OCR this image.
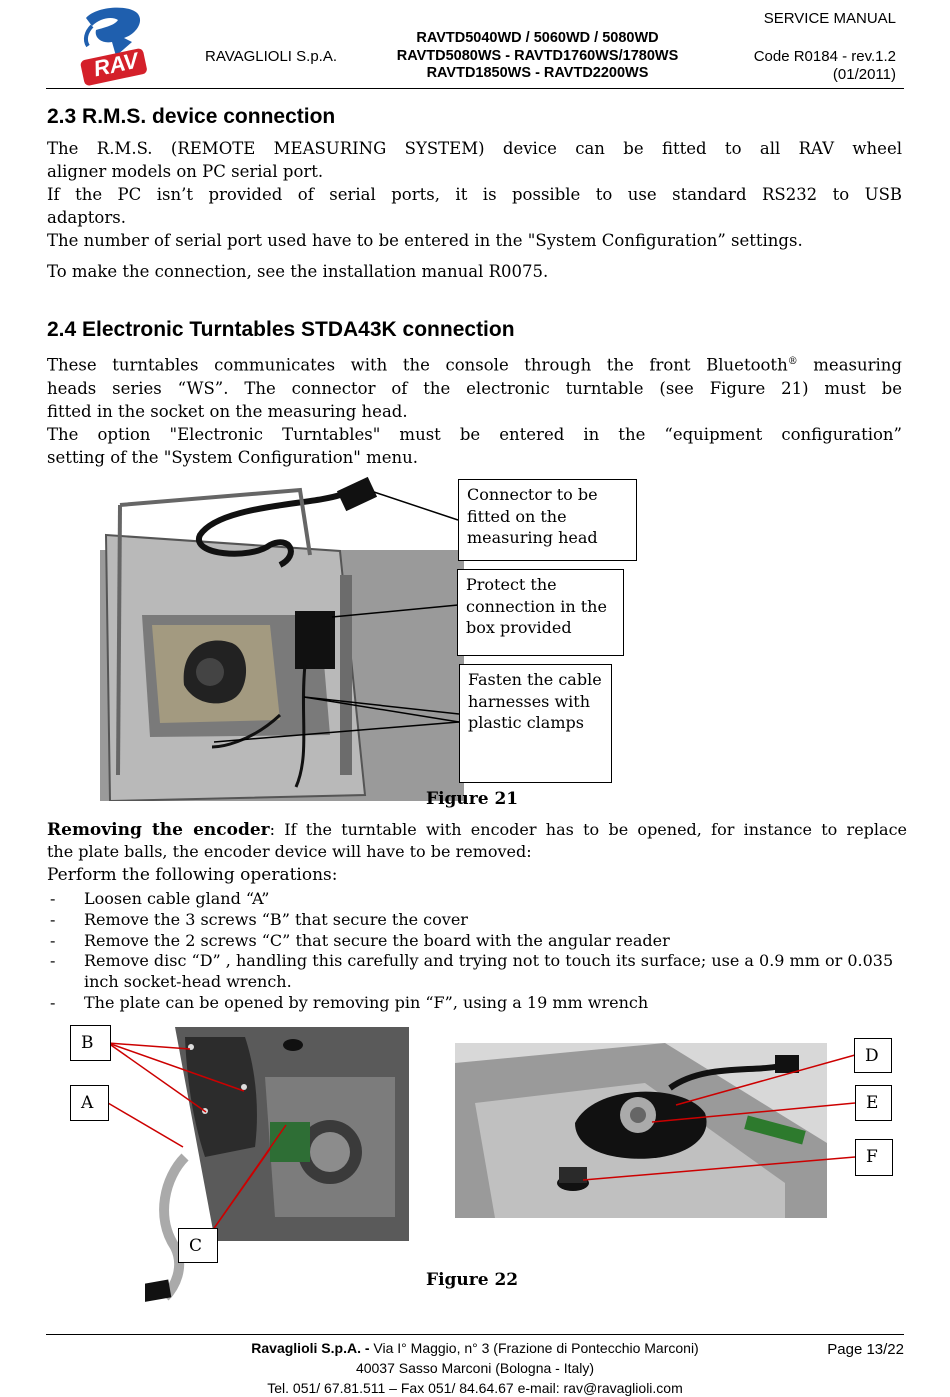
RAV	RAVAGLIOLI S.p.A.
RAVTD5040WD / 5060WD / 5080WD
RAVTD5080WS - RAVTD1760WS/1780WS
RAVTD1850WS - RAVTD2200WS
SERVICE MANUAL
Code R0184 - rev.1.2
(01/2011)
2.3 R.M.S. device connection
The R.M.S. (REMOTE MEASURING SYSTEM) device can be fitted to all RAV wheel
aligner models on PC serial port.
If the PC isn’t provided of serial ports, it is possible to use standard RS232 to USB
adaptors.
The number of serial port used have to be entered in the "System Configuration” settings.
To make the connection, see the installation manual R0075.
2.4 Electronic Turntables STDA43K connection
These turntables communicates with the console through the front Bluetooth® measuring
heads series “WS”. The connector of the electronic turntable (see Figure 21) must be
fitted in the socket on the measuring head.
The option "Electronic Turntables" must be entered in the “equipment configuration”
setting of the "System Configuration" menu.
Connector to be fitted on the measuring head
Protect the connection in the box provided
Fasten the cable harnesses with plastic clamps
Figure 21
Removing the encoder: If the turntable with encoder has to be opened, for instance to replace
the plate balls, the encoder device will have to be removed:
Perform the following operations:
- Loosen cable gland “A”
- Remove the 3 screws “B” that secure the cover
- Remove the 2 screws “C” that secure the board with the angular reader
- Remove disc “D” , handling this carefully and trying not to touch its surface; use a 0.9 mm or 0.035 inch socket-head wrench.
- The plate can be opened by removing pin “F”, using a 19 mm wrench
B
A
C
D
E
F
Figure 22
Ravaglioli S.p.A. - Via I° Maggio, n° 3 (Frazione di Pontecchio Marconi)
40037 Sasso Marconi (Bologna - Italy)
Tel. 051/ 67.81.511 – Fax 051/ 84.64.67 e-mail: rav@ravaglioli.com
Page 13/22
